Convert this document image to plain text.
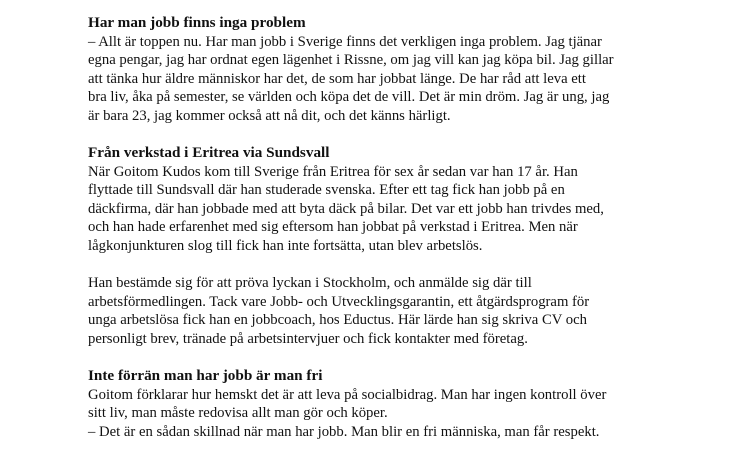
Har man jobb finns inga problem

– Allt är toppen nu. Har man jobb i Sverige finns det verkligen inga problem. Jag tjänar
egna pengar, jag har ordnat egen lägenhet i Rissne, om jag vill kan jag köpa bil. Jag gillar
att tänka hur äldre människor har det, de som har jobbat länge. De har råd att leva ett
bra liv, åka på semester, se världen och köpa det de vill. Det är min dröm. Jag är ung, jag
är bara 23, jag kommer också att nå dit, och det känns härligt.

Från verkstad i Eritrea via Sundsvall

När Goitom Kudos kom till Sverige från Eritrea för sex år sedan var han 17 år. Han
flyttade till Sundsvall där han studerade svenska. Efter ett tag fick han jobb på en
däckfirma, där han jobbade med att byta däck på bilar. Det var ett jobb han trivdes med,
och han hade erfarenhet med sig eftersom han jobbat på verkstad i Eritrea. Men när
lågkonjunkturen slog till fick han inte fortsätta, utan blev arbetslös.

Han bestämde sig för att pröva lyckan i Stockholm, och anmälde sig där till
arbetsförmedlingen. Tack vare Jobb- och Utvecklingsgarantin, ett åtgärdsprogram för
unga arbetslösa fick han en jobbcoach, hos Eductus. Här lärde han sig skriva CV och
personligt brev, tränade på arbetsintervjuer och fick kontakter med företag.

Inte förrän man har jobb är man fri

Goitom förklarar hur hemskt det är att leva på socialbidrag. Man har ingen kontroll över
sitt liv, man måste redovisa allt man gör och köper.
– Det är en sådan skillnad när man har jobb. Man blir en fri människa, man får respekt.
